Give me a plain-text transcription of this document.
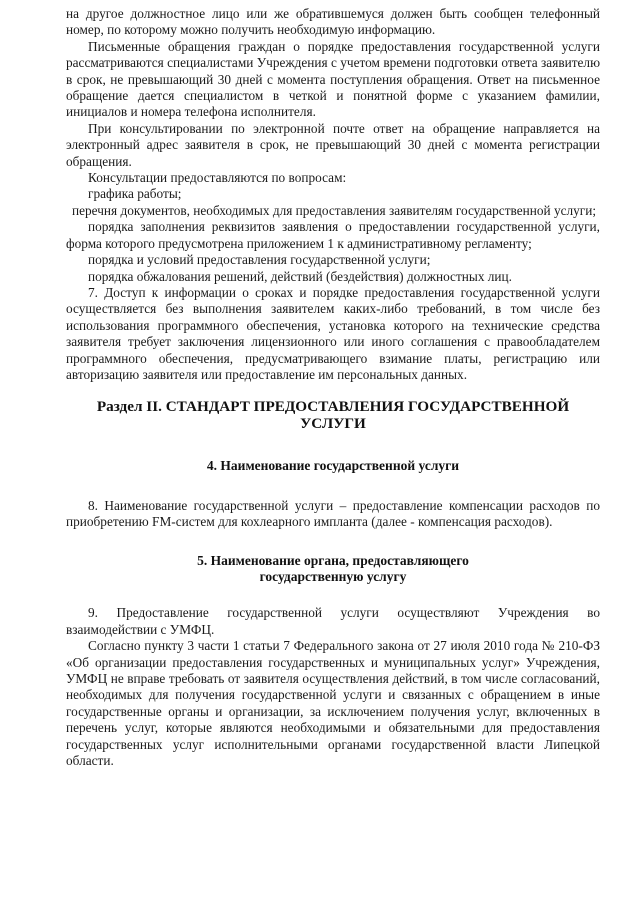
на другое должностное лицо или же обратившемуся должен быть сообщен телефонный номер, по которому можно получить необходимую информацию.

Письменные обращения граждан о порядке предоставления государственной услуги рассматриваются специалистами Учреждения с учетом времени подготовки ответа заявителю в срок, не превышающий 30 дней с момента поступления обращения. Ответ на письменное обращение дается специалистом в четкой и понятной форме с указанием фамилии, инициалов и номера телефона исполнителя.

При консультировании по электронной почте ответ на обращение направляется на электронный адрес заявителя в срок, не превышающий 30 дней с момента регистрации обращения.

Консультации предоставляются по вопросам:

графика работы;

перечня документов, необходимых для предоставления заявителям государственной услуги;

порядка заполнения реквизитов заявления о предоставлении государственной услуги, форма которого предусмотрена приложением 1 к административному регламенту;

порядка и условий предоставления государственной услуги;

порядка обжалования решений, действий (бездействия) должностных лиц.

7. Доступ к информации о сроках и порядке предоставления государственной услуги осуществляется без выполнения заявителем каких-либо требований, в том числе без использования программного обеспечения, установка которого на технические средства заявителя требует заключения лицензионного или иного соглашения с правообладателем программного обеспечения, предусматривающего взимание платы, регистрацию или авторизацию заявителя или предоставление им персональных данных.

Раздел II. СТАНДАРТ ПРЕДОСТАВЛЕНИЯ ГОСУДАРСТВЕННОЙ УСЛУГИ

4. Наименование государственной услуги

8. Наименование государственной услуги – предоставление компенсации расходов по приобретению FM-систем для кохлеарного импланта (далее - компенсация расходов).

5. Наименование органа, предоставляющего
государственную услугу

9. Предоставление государственной услуги осуществляют Учреждения во взаимодействии с УМФЦ.

Согласно пункту 3 части 1 статьи 7 Федерального закона от 27 июля 2010 года № 210-ФЗ «Об организации предоставления государственных и муниципальных услуг» Учреждения, УМФЦ не вправе требовать от заявителя осуществления действий, в том числе согласований, необходимых для получения государственной услуги и связанных с обращением в иные государственные органы и организации, за исключением получения услуг, включенных в перечень услуг, которые являются необходимыми и обязательными для предоставления государственных услуг исполнительными органами государственной власти Липецкой области.
